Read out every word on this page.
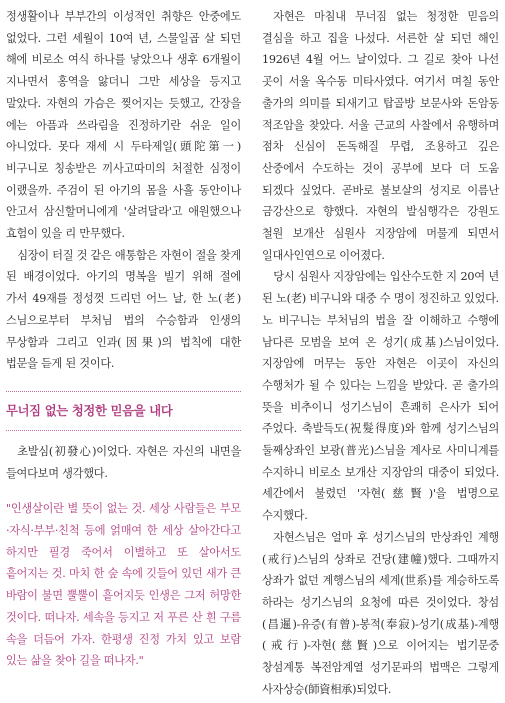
정생활이나 부부간의 이성적인 취향은 안중에도 없었다. 그런 세월이 10여 년, 스물일곱 살 되던 해에 비로소 여식 하나를 낳았으나 생후 6개월이 지나면서 홍역을 앓더니 그만 세상을 등지고 말았다. 자현의 가슴은 찢어지는 듯했고, 간장을 에는 아픔과 쓰라림을 진정하기란 쉬운 일이 아니었다. 못다 재세 시 두타제일(頭陀第一) 비구니로 칭송받은 끼사고따미의 처절한 심정이 이랬을까. 주검이 된 아기의 몸을 사흘 동안이나 안고서 삼신할머니에게 '살려달라'고 애원했으나 효험이 있을 리 만무했다.

심장이 터질 것 같은 애통함은 자현이 절을 찾게 된 배경이었다. 아기의 명복을 빌기 위해 절에 가서 49재를 정성껏 드리던 어느 날, 한 노(老)스님으로부터 부처님 법의 수승함과 인생의 무상함과 그리고 인과(因果)의 법칙에 대한 법문을 듣게 된 것이다.

무너짐 없는 청정한 믿음을 내다

초발심(初發心)이었다. 자현은 자신의 내면을 들여다보며 생각했다.

"인생살이란 별 뜻이 없는 것. 세상 사람들은 부모·자식·부부·친척 등에 얽매여 한 세상 살아간다고 하지만 필경 죽어서 이별하고 또 살아서도 흩어지는 것. 마치 한 숲 속에 깃들어 있던 새가 큰 바람이 불면 뿔뿔이 흩어지듯 인생은 그저 허망한 것이다. 떠나자. 세속을 등지고 저 푸른 산 흰 구름 속을 더듬어 가자. 한평생 진정 가치 있고 보람 있는 삶을 찾아 길을 떠나자."

자현은 마침내 무너짐 없는 청정한 믿음의 결심을 하고 집을 나섰다. 서른한 살 되던 해인 1926년 4월 어느 날이었다. 그 길로 찾아 나선 곳이 서울 옥수동 미타사였다. 여기서 며칠 동안 출가의 의미를 되새기고 탑골방 보문사와 돈암동 적조암을 찾았다. 서울 근교의 사찰에서 유행하며 점차 신심이 돈독해질 무렵, 조용하고 깊은 산중에서 수도하는 것이 공부에 보다 더 도움 되겠다 싶었다. 곧바로 불보살의 성지로 이름난 금강산으로 향했다. 자현의 발심행각은 강원도 철원 보개산 심원사 지장암에 머물게 되면서 일대사인연으로 이어졌다.

당시 심원사 지장암에는 입산수도한 지 20여 년 된 노(老) 비구니와 대중 수 명이 정진하고 있었다. 노 비구니는 부처님의 법을 잘 이해하고 수행에 남다른 모범을 보여 온 성기(成基)스님이었다. 지장암에 머무는 동안 자현은 이곳이 자신의 수행처가 될 수 있다는 느낌을 받았다. 곧 출가의 뜻을 비추이니 성기스님이 흔쾌히 은사가 되어 주었다. 축발득도(祝髮得度)와 함께 성기스님의 둘째상좌인 보광(普光)스님을 계사로 사미니계를 수지하니 비로소 보개산 지장암의 대중이 되었다. 세간에서 불렸던 '자현(慈賢)'을 법명으로 수지했다.

자현스님은 얼마 후 성기스님의 만상좌인 계행(戒行)스님의 상좌로 건당(建幢)했다. 그때까지 상좌가 없던 계행스님의 세계(世系)를 계승하도록 하라는 성기스님의 요청에 따른 것이었다. 창섬(昌暹)-유증(有曾)-봉적(奉寂)-성기(成基)-계행(戒行)-자현(慈賢)으로 이어지는 법기문중 창섬계통 복전암계열 성기문파의 법맥은 그렇게 사자상승(師資相承)되었다.
